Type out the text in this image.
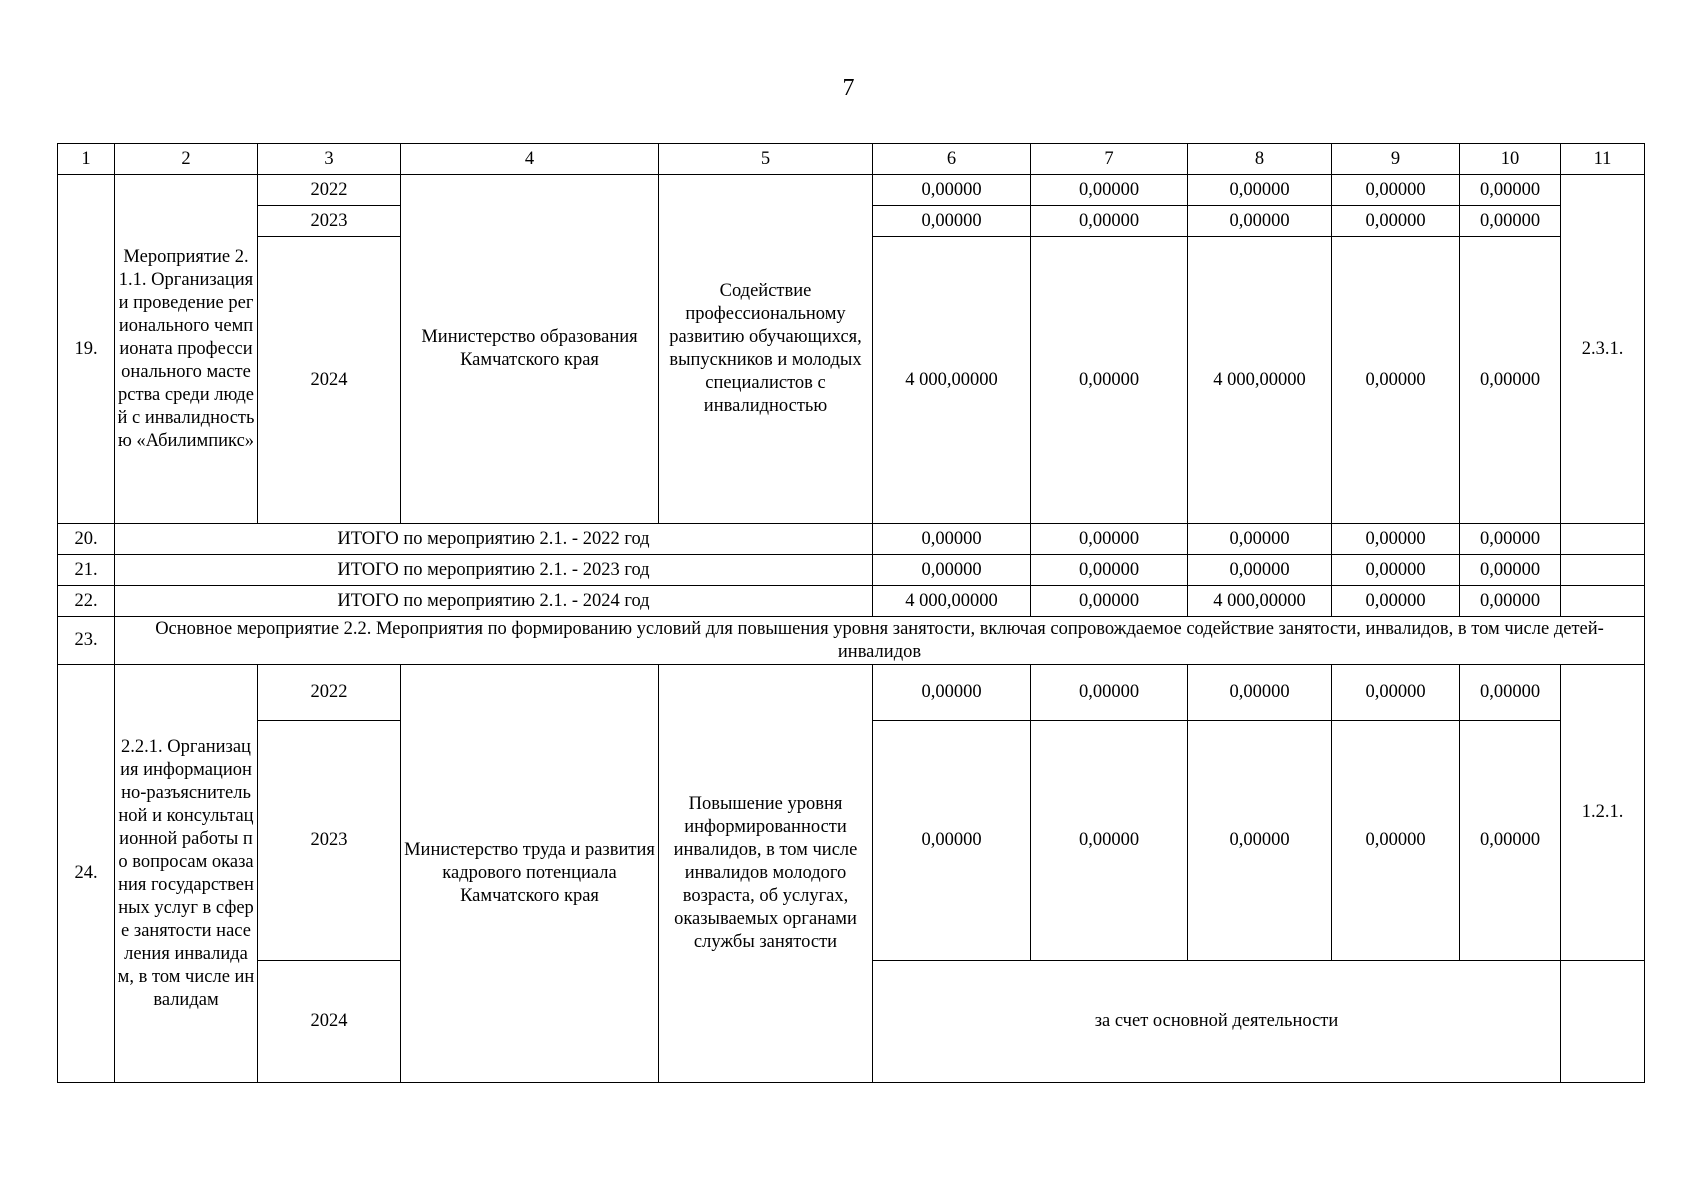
7
1	2	3	4	5	6	7	8	9	10	11
19.	Мероприятие 2.1.1. Организация и проведение регионального чемпионата профессионального мастерства среди людей с инвалидностью «Абилимпикс»	2022	Министерство образования Камчатского края	Содействие профессиональному развитию обучающихся, выпускников и молодых специалистов с инвалидностью	0,00000	0,00000	0,00000	0,00000	0,00000	2.3.1.
		2023			0,00000	0,00000	0,00000	0,00000	0,00000	
		2024			4 000,00000	0,00000	4 000,00000	0,00000	0,00000	
20.	ИТОГО по мероприятию 2.1. - 2022 год				0,00000	0,00000	0,00000	0,00000	0,00000	
21.	ИТОГО по мероприятию 2.1. - 2023 год				0,00000	0,00000	0,00000	0,00000	0,00000	
22.	ИТОГО по мероприятию 2.1. - 2024 год				4 000,00000	0,00000	4 000,00000	0,00000	0,00000	
23.	Основное мероприятие 2.2. Мероприятия по формированию условий для повышения уровня занятости, включая сопровождаемое содействие занятости, инвалидов, в том числе детей-инвалидов									
24.	2.2.1. Организация информационно-разъяснительной и консультационной работы по вопросам оказания государственных услуг в сфере занятости населения инвалидам, в том числе инвалидам	2022	Министерство труда и развития кадрового потенциала Камчатского края	Повышение уровня информированности инвалидов, в том числе инвалидов молодого возраста, об услугах, оказываемых органами службы занятости	0,00000	0,00000	0,00000	0,00000	0,00000	1.2.1.
		2023			0,00000	0,00000	0,00000	0,00000	0,00000	
		2024			за счет основной деятельности					
